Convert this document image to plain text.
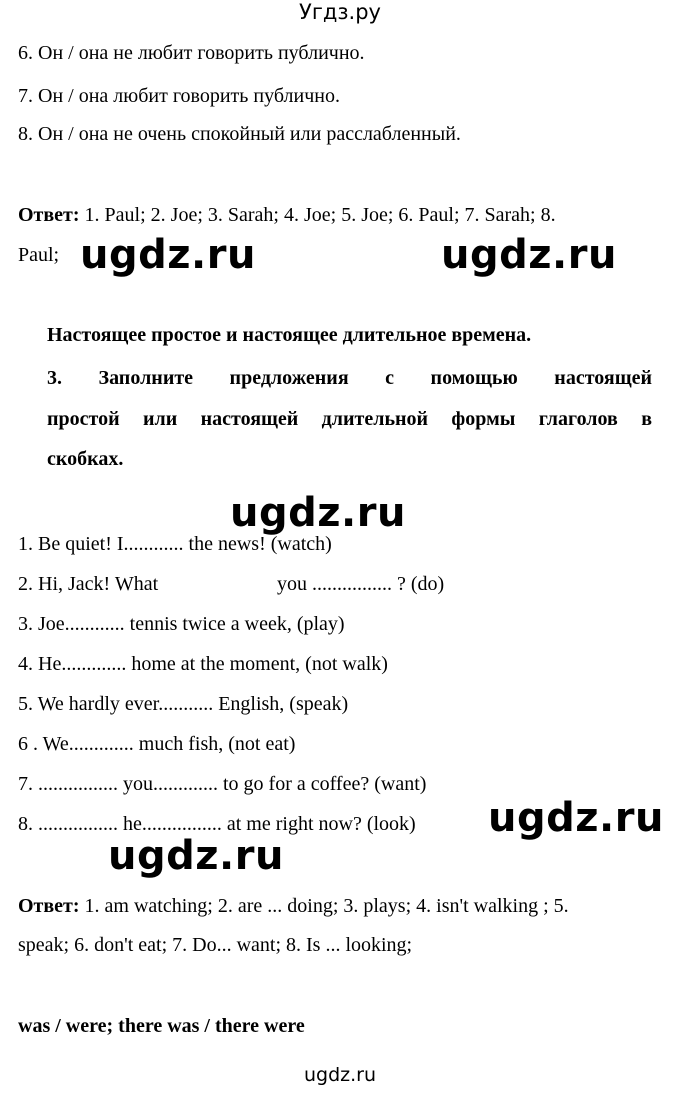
Угдз.ру
6. Он / она не любит говорить публично.
7. Он / она любит говорить публично.
8. Он / она не очень спокойный или расслабленный.
Ответ: 1. Paul; 2. Joe; 3. Sarah; 4. Joe; 5. Joe; 6. Paul; 7. Sarah; 8.
Paul; ugdz.ru	ugdz.ru
Настоящее простое и настоящее длительное времена.
3. Заполните предложения с помощью настоящей
простой или настоящей длительной формы глаголов в
скобках.
ugdz.ru
1. Be quiet! I............ the news! (watch)
2. Hi, Jack! What	you ................ ? (do)
3. Joe............ tennis twice a week, (play)
4. He............. home at the moment, (not walk)
5. We hardly ever........... English, (speak)
6 . We............. much fish, (not eat)
7. ................ you............. to go for a coffee? (want)
8. ................ he................ at me right now? (look) ugdz.ru
ugdz.ru
Ответ: 1. am watching; 2. are ... doing; 3. plays; 4. isn't walking ; 5.
speak; 6. don't eat; 7. Do... want; 8. Is ... looking;
was / were; there was / there were
ugdz.ru
